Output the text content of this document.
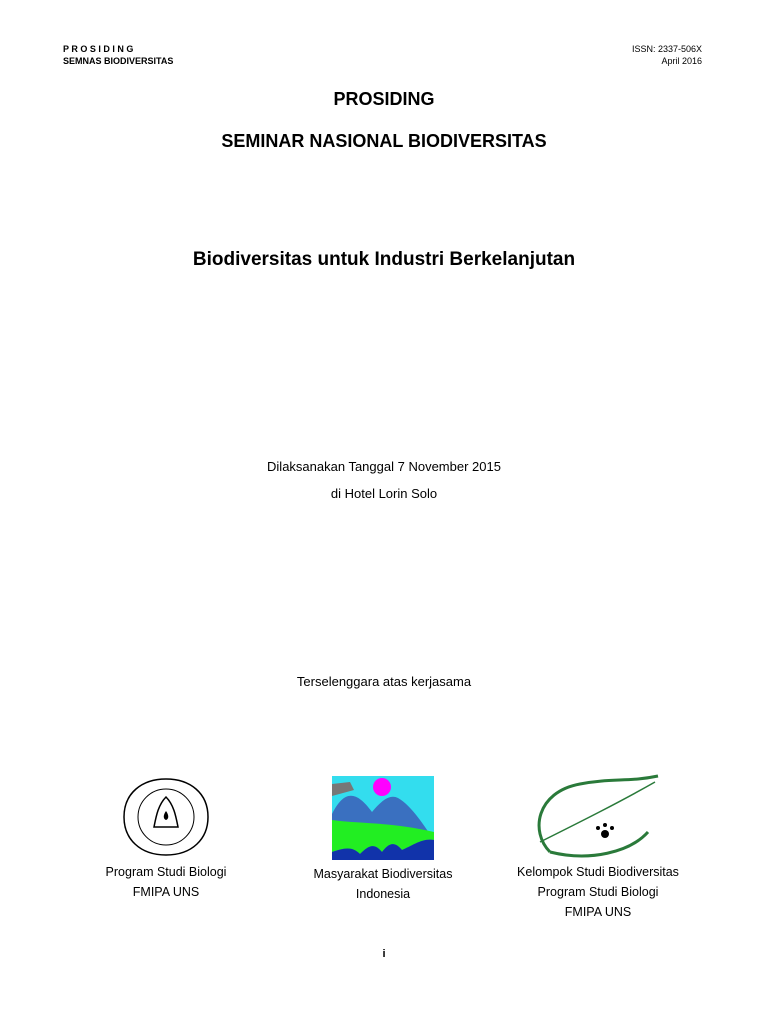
P R O S I D I N G
SEMNAS BIODIVERSITAS
ISSN: 2337-506X
April 2016
PROSIDING
SEMINAR NASIONAL BIODIVERSITAS
Biodiversitas untuk Industri Berkelanjutan
Dilaksanakan Tanggal 7 November 2015
di Hotel Lorin Solo
Terselenggara atas kerjasama
Program Studi Biologi
FMIPA UNS
Masyarakat Biodiversitas
Indonesia
Kelompok Studi Biodiversitas
Program Studi Biologi
FMIPA UNS
i
